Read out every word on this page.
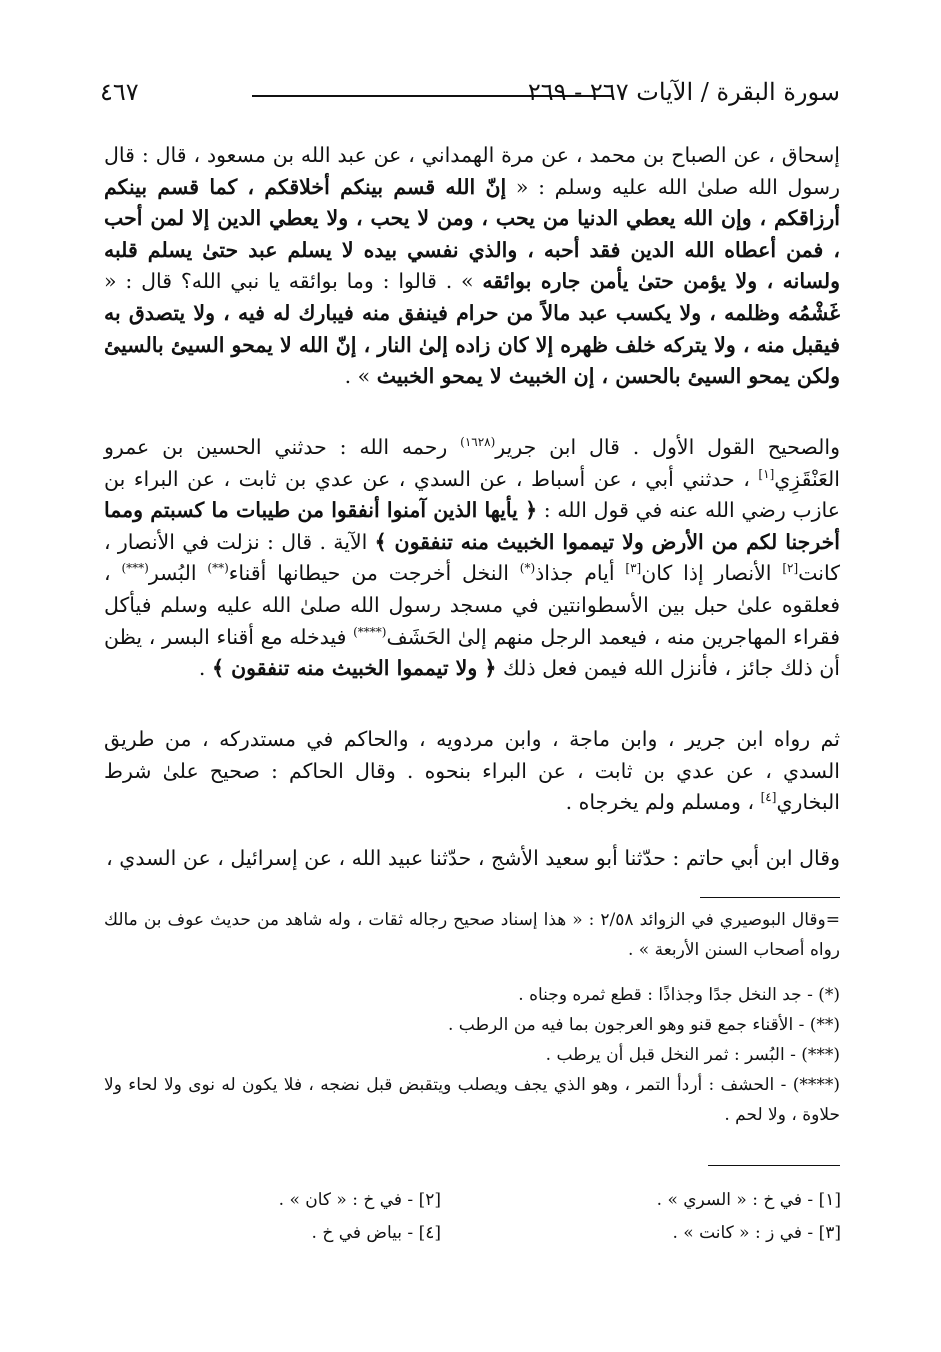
سورة البقرة / الآيات ٢٦٧ - ٢٦٩
٤٦٧
إسحاق ، عن الصباح بن محمد ، عن مرة الهمداني ، عن عبد الله بن مسعود ، قال : قال رسول الله صلىٰ الله عليه وسلم : « إنّ الله قسم بينكم أخلاقكم ، كما قسم بينكم أرزاقكم ، وإن الله يعطي الدنيا من يحب ، ومن لا يحب ، ولا يعطي الدين إلا لمن أحب ، فمن أعطاه الله الدين فقد أحبه ، والذي نفسي بيده لا يسلم عبد حتىٰ يسلم قلبه ولسانه ، ولا يؤمن حتىٰ يأمن جاره بوائقه » . قالوا : وما بوائقه يا نبي الله؟ قال : « غَشْمُه وظلمه ، ولا يكسب عبد مالاً من حرام فينفق منه فيبارك له فيه ، ولا يتصدق به فيقبل منه ، ولا يتركه خلف ظهره إلا كان زاده إلىٰ النار ، إنّ الله لا يمحو السيئ بالسيئ ولكن يمحو السيئ بالحسن ، إن الخبيث لا يمحو الخبيث » .
والصحيح القول الأول . قال ابن جرير$^{(١٦٢٨)}$ رحمه الله : حدثني الحسين بن عمرو العَنْقَزِي[١] ، حدثني أبي ، عن أسباط ، عن السدي ، عن عدي بن ثابت ، عن البراء بن عازب رضي الله عنه في قول الله : ﴿ يأيها الذين آمنوا أنفقوا من طيبات ما كسبتم ومما أخرجنا لكم من الأرض ولا تيمموا الخبيث منه تنفقون ﴾ الآية . قال : نزلت في الأنصار ، كانت[٢] الأنصار إذا كان[٣] أيام جذاذ(*) النخل أخرجت من حيطانها أقناء(**) البُسر(***) ، فعلقوه علىٰ حبل بين الأسطوانتين في مسجد رسول الله صلىٰ الله عليه وسلم فيأكل فقراء المهاجرين منه ، فيعمد الرجل منهم إلىٰ الحَشَف(****) فيدخله مع أقناء البسر ، يظن أن ذلك جائز ، فأنزل الله فيمن فعل ذلك ﴿ ولا تيمموا الخبيث منه تنفقون ﴾ .
ثم رواه ابن جرير ، وابن ماجة ، وابن مردويه ، والحاكم في مستدركه ، من طريق السدي ، عن عدي بن ثابت ، عن البراء بنحوه . وقال الحاكم : صحيح علىٰ شرط البخاري[٤] ، ومسلم ولم يخرجاه .
وقال ابن أبي حاتم : حدّثنا أبو سعيد الأشج ، حدّثنا عبيد الله ، عن إسرائيل ، عن السدي ،

=وقال البوصيري في الزوائد ٢/٥٨ : « هذا إسناد صحيح رجاله ثقات ، وله شاهد من حديث عوف بن مالك رواه أصحاب السنن الأربعة » .

(*) - جد النخل جدًا وجذاذًا : قطع ثمره وجناه .

(**) - الأقناء جمع قنو وهو العرجون بما فيه من الرطب .

(***) - البُسر : ثمر النخل قبل أن يرطب .

(****) - الحشف : أردأ التمر ، وهو الذي يجف ويصلب ويتقبض قبل نضجه ، فلا يكون له نوى ولا لحاء ولا حلاوة ، ولا لحم .

[١] - في خ : « السري » .
[٢] - في خ : « كان » .
[٣] - في ز : « كانت » .
[٤] - بياض في خ .
